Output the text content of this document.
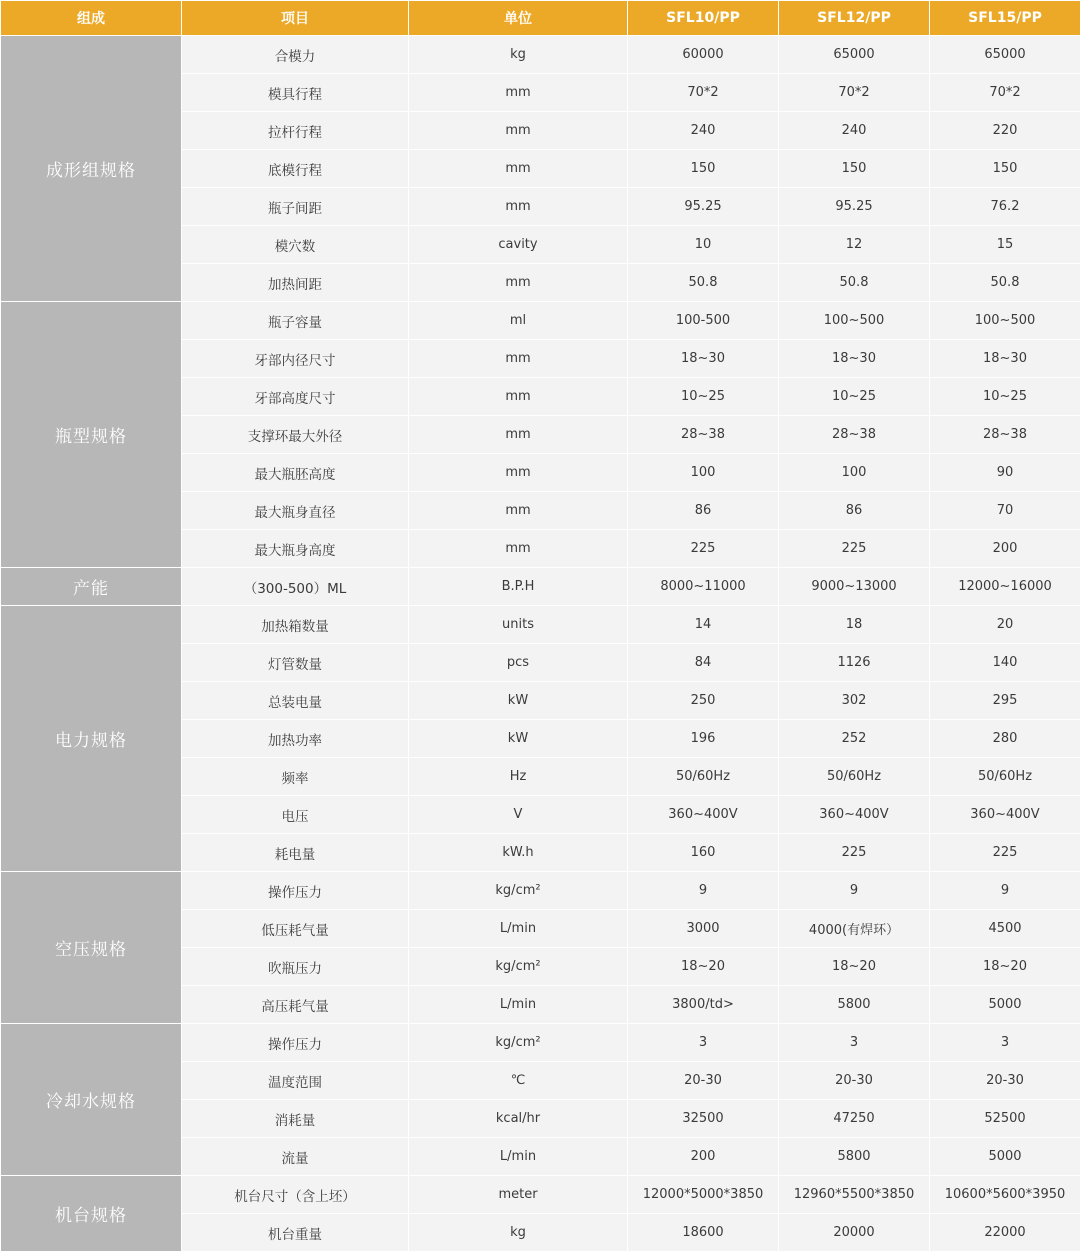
组成	项目	单位	SFL10/PP	SFL12/PP	SFL15/PP
成形组规格	合模力	kg	60000	65000	65000
	模具行程	mm	70*2	70*2	70*2
	拉杆行程	mm	240	240	220
	底模行程	mm	150	150	150
	瓶子间距	mm	95.25	95.25	76.2
	模穴数	cavity	10	12	15
	加热间距	mm	50.8	50.8	50.8
瓶型规格	瓶子容量	ml	100-500	100~500	100~500
	牙部内径尺寸	mm	18~30	18~30	18~30
	牙部高度尺寸	mm	10~25	10~25	10~25
	支撑环最大外径	mm	28~38	28~38	28~38
	最大瓶胚高度	mm	100	100	90
	最大瓶身直径	mm	86	86	70
	最大瓶身高度	mm	225	225	200
产能	（300-500）ML	B.P.H	8000~11000	9000~13000	12000~16000
电力规格	加热箱数量	units	14	18	20
	灯管数量	pcs	84	1126	140
	总装电量	kW	250	302	295
	加热功率	kW	196	252	280
	频率	Hz	50/60Hz	50/60Hz	50/60Hz
	电压	V	360~400V	360~400V	360~400V
	耗电量	kW.h	160	225	225
空压规格	操作压力	kg/cm²	9	9	9
	低压耗气量	L/min	3000	4000(有焊环）	4500
	吹瓶压力	kg/cm²	18~20	18~20	18~20
	高压耗气量	L/min	3800/td>	5800	5000
冷却水规格	操作压力	kg/cm²	3	3	3
	温度范围	℃	20-30	20-30	20-30
	消耗量	kcal/hr	32500	47250	52500
	流量	L/min	200	5800	5000
机台规格	机台尺寸（含上坯）	meter	12000*5000*3850	12960*5500*3850	10600*5600*3950
	机台重量	kg	18600	20000	22000
